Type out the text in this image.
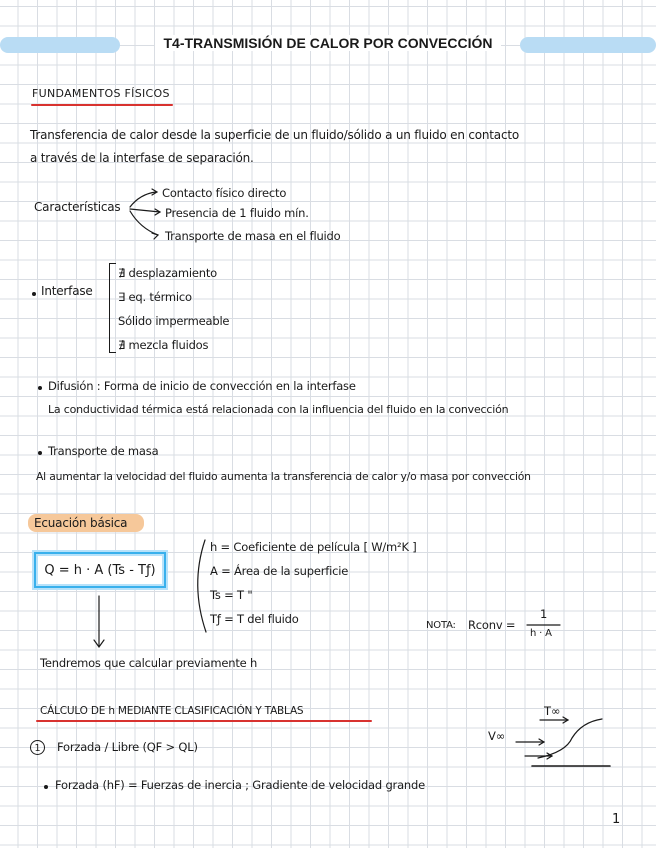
T4-TRANSMISIÓN DE CALOR POR CONVECCIÓN
FUNDAMENTOS FÍSICOS
Transferencia de calor desde la superficie de un fluido/sólido a un fluido en contacto
a través de la interfase de separación.
Características
Contacto físico directo
Presencia de 1 fluido mín.
Transporte de masa en el fluido
Interfase
∄ desplazamiento
∃ eq. térmico
Sólido impermeable
∄ mezcla fluidos
Difusión : Forma de inicio de convección en la interfase
La conductividad térmica está relacionada con la influencia del fluido en la convección
Transporte de masa
Al aumentar la velocidad del fluido aumenta la transferencia de calor y/o masa por convección
Ecuación básica
Q = h · A (Ts - Tƒ)
h = Coeficiente de película [ W/m²K ]
A = Área de la superficie
Ts = T "
Tƒ = T del fluido	NOTA: Rconv =
1
h · A
Tendremos que calcular previamente h
CÁLCULO DE h MEDIANTE CLASIFICACIÓN Y TABLAS
1	Forzada / Libre (QF > QL)
Forzada (hF) = Fuerzas de inercia ; Gradiente de velocidad grande
T∞
V∞
1
